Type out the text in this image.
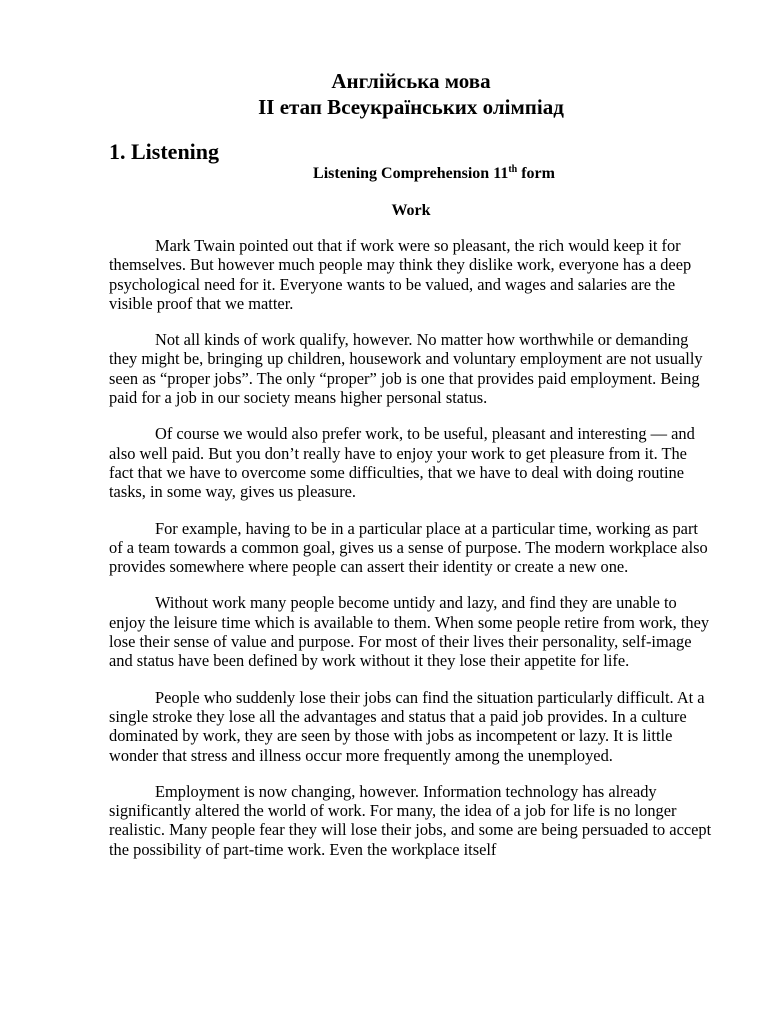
Англійська мова

ІІ етап Всеукраїнських олімпіад

1. Listening

Listening Comprehension 11th form

Work

Mark Twain pointed out that if work were so pleasant, the rich would keep it for themselves. But however much people may think they dislike work, everyone has a deep psychological need for it. Everyone wants to be valued, and wages and salaries are the visible proof that we matter.

Not all kinds of work qualify, however. No matter how worthwhile or demanding they might be, bringing up children, housework and voluntary employment are not usually seen as “proper jobs”. The only “proper” job is one that provides paid employment. Being paid for a job in our society means higher personal status.

Of course we would also prefer work, to be useful, pleasant and interesting — and also well paid. But you don’t really have to enjoy your work to get pleasure from it. The fact that we have to overcome some difficulties, that we have to deal with doing routine tasks, in some way, gives us pleasure.

For example, having to be in a particular place at a particular time, working as part of a team towards a common goal, gives us a sense of purpose. The modern workplace also provides somewhere where people can assert their identity or create a new one.

Without work many people become untidy and lazy, and find they are unable to enjoy the leisure time which is available to them. When some people retire from work, they lose their sense of value and purpose. For most of their lives their personality, self-image and status have been defined by work without it they lose their appetite for life.

People who suddenly lose their jobs can find the situation particularly difficult. At a single stroke they lose all the advantages and status that a paid job provides. In a culture dominated by work, they are seen by those with jobs as incompetent or lazy. It is little wonder that stress and illness occur more frequently among the unemployed.

Employment is now changing, however. Information technology has already significantly altered the world of work. For many, the idea of a job for life is no longer realistic. Many people fear they will lose their jobs, and some are being persuaded to accept the possibility of part-time work. Even the workplace itself
